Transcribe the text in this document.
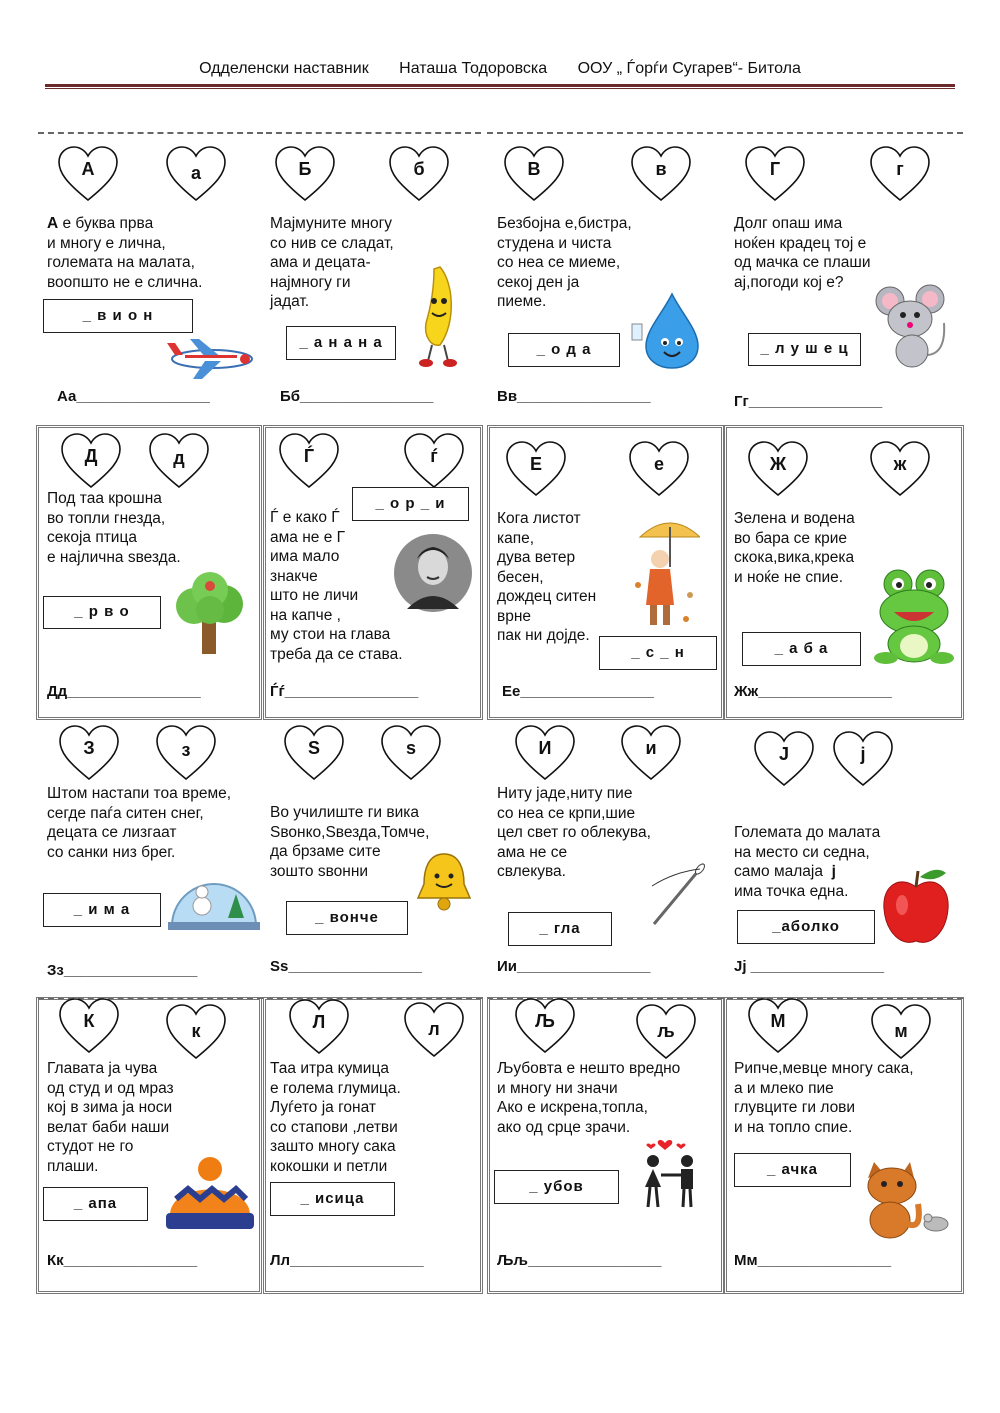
Одделенски наставник Наташа Тодоровска ООУ „ Ѓорѓи Сугарев“- Битола
А	а
А е буква прва
и многу е лична,
големата на малата,
воопшто не е слична.
_ в и о н
Аа________________
Б	б
Мајмуните многу
со нив се сладат,
ама и децата-
најмногу ги
јадат.
_ а н а н а
Бб________________
В	в
Безбојна е,бистра,
студена и чиста
со неа се миеме,
секој ден ја
пиеме.
_ о д а
Вв________________
Г	г
Долг опаш има
ноќен крадец тој е
од мачка се плаши
ај,погоди кој е?
_ л у ш е ц
Гг________________
Д	д
Под таа крошна
во топли гнезда,
секоја птица
е најлична ѕвезда.
_ р в о
Дд________________
Ѓ	ѓ
_ о р _ и
Ѓ е како Ѓ
ама не е Г
има мало
знакче
што не личи
на капче ,
му стои на глава
треба да се става.
Ѓѓ________________
Е	е
Кога листот
капе,
дува ветер
бесен,
дождец ситен
врне
пак ни дојде.
_ с _ н
Ее________________
Ж	ж
Зелена и водена
во бара се крие
скока,вика,крека
и ноќе не спие.
_ а б а
Жж________________
З	з
Штом настапи тоа време,
сегде паѓа ситен снег,
децата се лизгаат
со санки низ брег.
_ и м а
Зз________________
S	s
Во училиште ги вика
Ѕвонко,Ѕвезда,Томче,
да брзаме сите
зошто ѕвонни
_ вонче
Ss________________
И	и
Ниту јаде,ниту пие
со неа се крпи,шие
цел свет го облекува,
ама не се
свлекува.
_ гла
Ии________________
Ј	ј
Големата до малата
на место си седна,
само малаја  ј
има точка една.
_аболко
Јј ________________
К	к
Главата ја чува
од студ и од мраз
кој в зима ја носи
велат баби наши
студот не го
плаши.
_ апа
Кк________________
Л	л
Таа итра кумица
е голема глумица.
Луѓето ја гонат
со стапови ,летви
зашто многу сака
кокошки и петли
_ исица
Лл________________
Љ	љ
Љубовта е нешто вредно
и многу ни значи
Ако е искрена,топла,
ако од срце зрачи.
_ убов
Љљ________________
М	м
Рипче,мевце многу сака,
а и млеко пие
глувците ги лови
и на топло спие.
_ ачка
Мм________________
